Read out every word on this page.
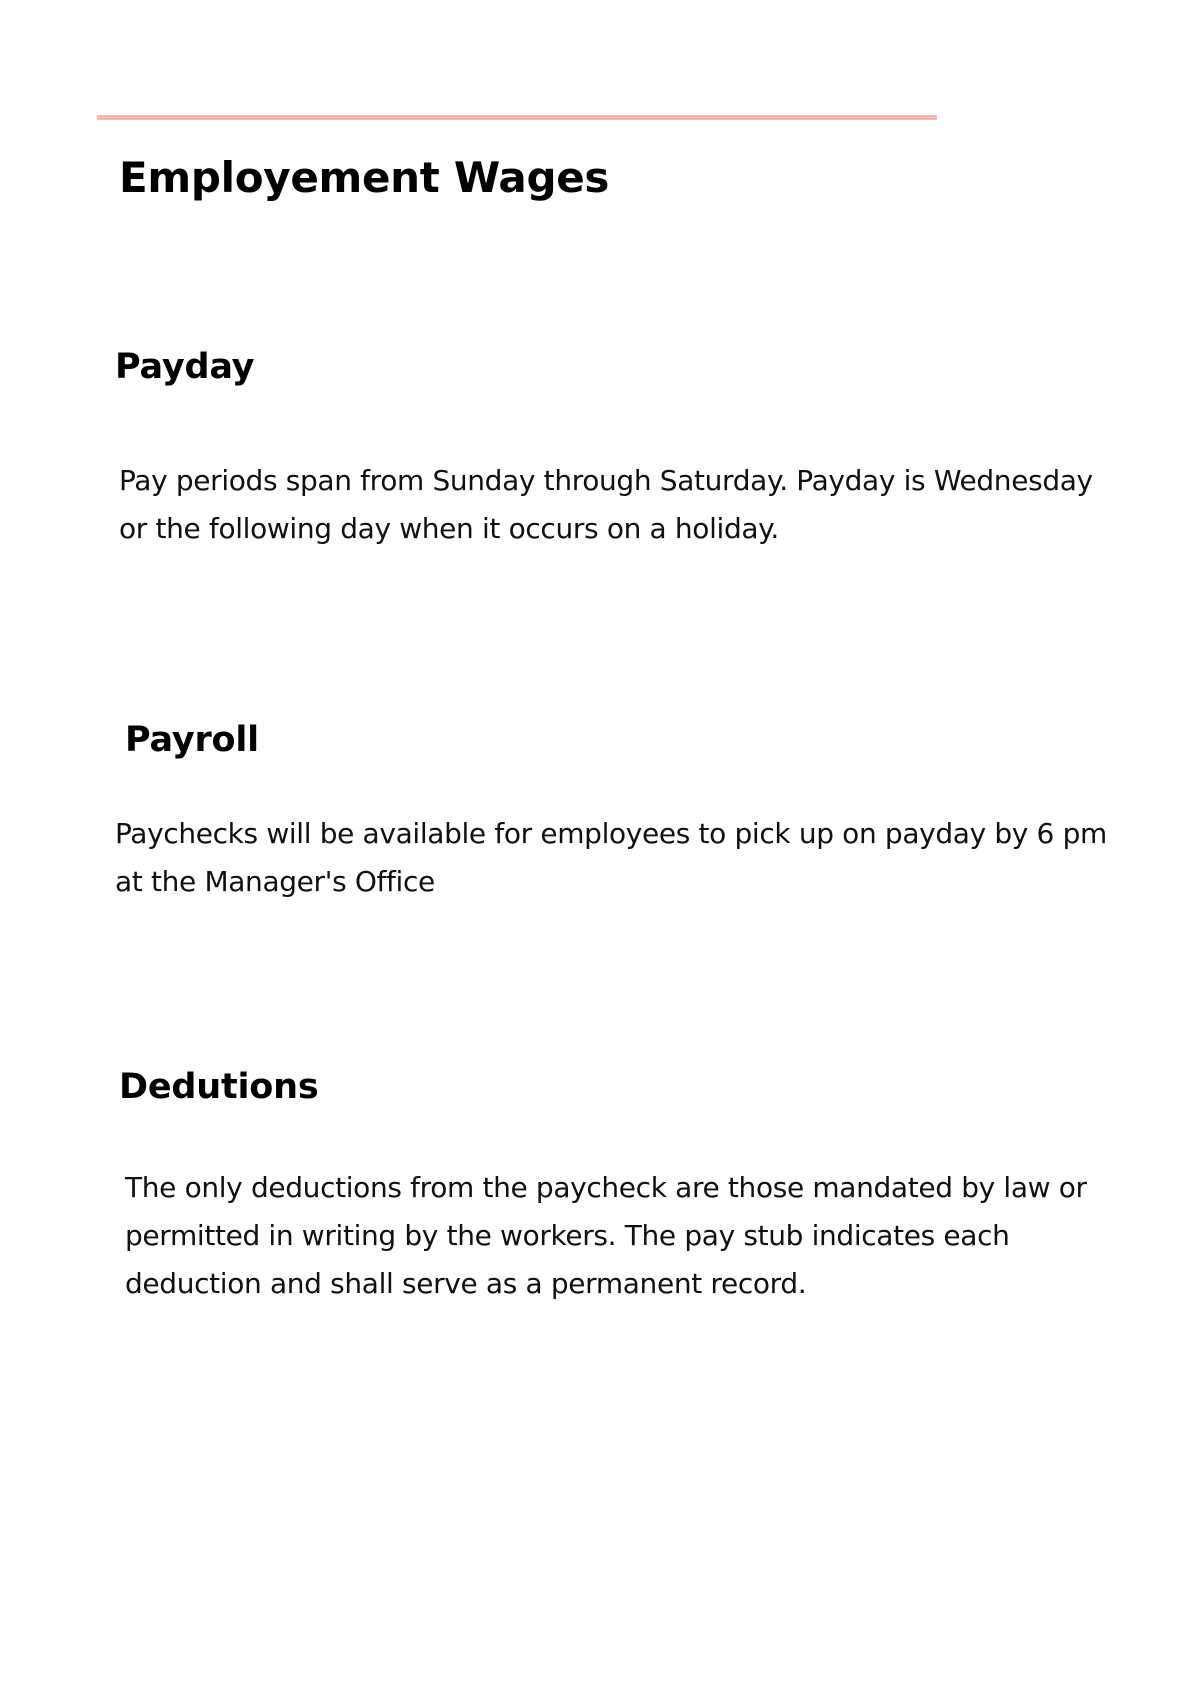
Employement Wages
Payday

Pay periods span from Sunday through Saturday. Payday is Wednesday
or the following day when it occurs on a holiday.

Payroll

Paychecks will be available for employees to pick up on payday by 6 pm
at the Manager's Office

Dedutions

The only deductions from the paycheck are those mandated by law or
permitted in writing by the workers. The pay stub indicates each
deduction and shall serve as a permanent record.
